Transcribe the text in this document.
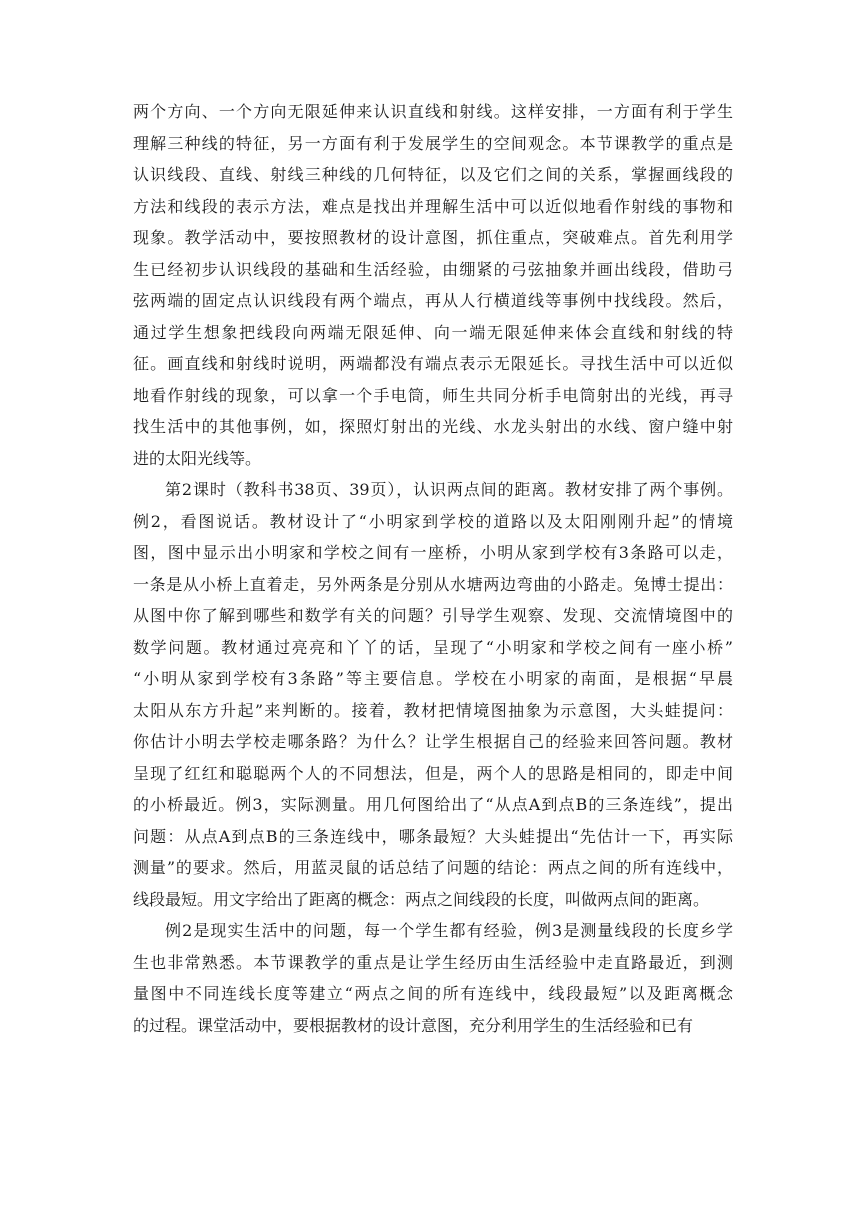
两个方向、一个方向无限延伸来认识直线和射线。这样安排，一方面有利于学生
理解三种线的特征，另一方面有利于发展学生的空间观念。本节课教学的重点是
认识线段、直线、射线三种线的几何特征，以及它们之间的关系，掌握画线段的
方法和线段的表示方法，难点是找出并理解生活中可以近似地看作射线的事物和
现象。教学活动中，要按照教材的设计意图，抓住重点，突破难点。首先利用学
生已经初步认识线段的基础和生活经验，由绷紧的弓弦抽象并画出线段，借助弓
弦两端的固定点认识线段有两个端点，再从人行横道线等事例中找线段。然后，
通过学生想象把线段向两端无限延伸、向一端无限延伸来体会直线和射线的特
征。画直线和射线时说明，两端都没有端点表示无限延长。寻找生活中可以近似
地看作射线的现象，可以拿一个手电筒，师生共同分析手电筒射出的光线，再寻
找生活中的其他事例，如，探照灯射出的光线、水龙头射出的水线、窗户缝中射
进的太阳光线等。
第2课时（教科书38页、39页），认识两点间的距离。教材安排了两个事例。
例2，看图说话。教材设计了“小明家到学校的道路以及太阳刚刚升起”的情境
图，图中显示出小明家和学校之间有一座桥，小明从家到学校有3条路可以走，
一条是从小桥上直着走，另外两条是分别从水塘两边弯曲的小路走。兔博士提出：
从图中你了解到哪些和数学有关的问题？引导学生观察、发现、交流情境图中的
数学问题。教材通过亮亮和丫丫的话，呈现了“小明家和学校之间有一座小桥”
“小明从家到学校有3条路”等主要信息。学校在小明家的南面，是根据“早晨
太阳从东方升起”来判断的。接着，教材把情境图抽象为示意图，大头蛙提问：
你估计小明去学校走哪条路？为什么？让学生根据自己的经验来回答问题。教材
呈现了红红和聪聪两个人的不同想法，但是，两个人的思路是相同的，即走中间
的小桥最近。例3，实际测量。用几何图给出了“从点A到点B的三条连线”，提出
问题：从点A到点B的三条连线中，哪条最短？大头蛙提出“先估计一下，再实际
测量”的要求。然后，用蓝灵鼠的话总结了问题的结论：两点之间的所有连线中，
线段最短。用文字给出了距离的概念：两点之间线段的长度，叫做两点间的距离。
例2是现实生活中的问题，每一个学生都有经验，例3是测量线段的长度乡学
生也非常熟悉。本节课教学的重点是让学生经历由生活经验中走直路最近，到测
量图中不同连线长度等建立“两点之间的所有连线中，线段最短”以及距离概念
的过程。课堂活动中，要根据教材的设计意图，充分利用学生的生活经验和已有
